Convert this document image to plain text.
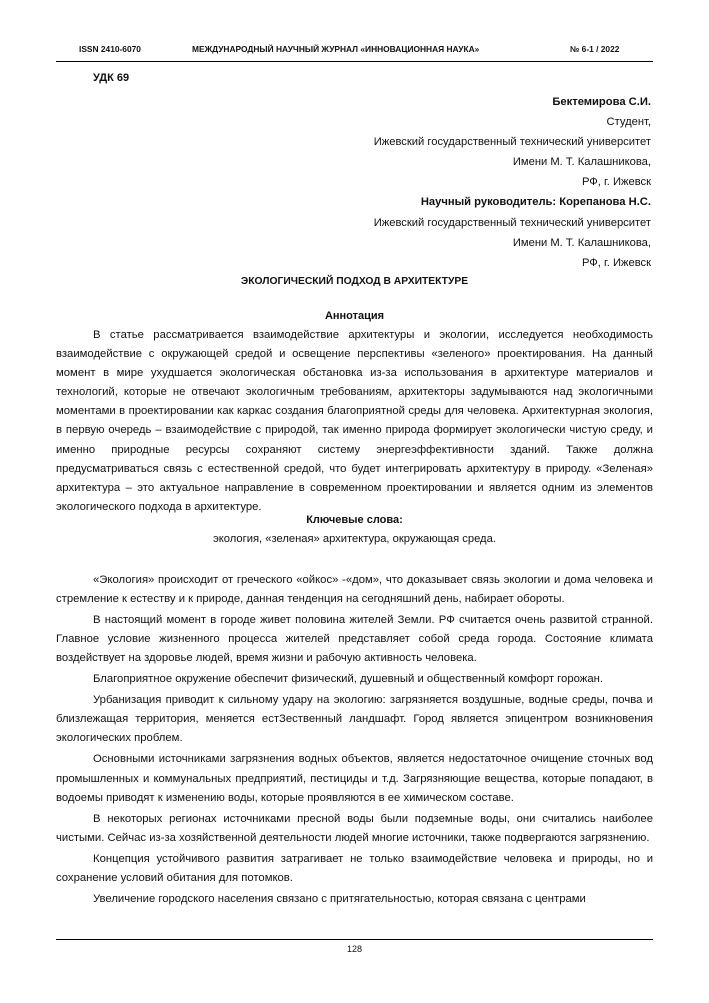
ISSN 2410-6070	МЕЖДУНАРОДНЫЙ НАУЧНЫЙ ЖУРНАЛ «ИННОВАЦИОННАЯ НАУКА»	№ 6-1 / 2022
УДК 69
Бектемирова С.И.
Студент,
Ижевский государственный технический университет
Имени М. Т. Калашникова,
РФ, г. Ижевск
Научный руководитель: Корепанова Н.С.
Ижевский государственный технический университет
Имени М. Т. Калашникова,
РФ, г. Ижевск
ЭКОЛОГИЧЕСКИЙ ПОДХОД В АРХИТЕКТУРЕ
Аннотация

В статье рассматривается взаимодействие архитектуры и экологии, исследуется необходимость взаимодействие с окружающей средой и освещение перспективы «зеленого» проектирования. На данный момент в мире ухудшается экологическая обстановка из-за использования в архитектуре материалов и технологий, которые не отвечают экологичным требованиям, архитекторы задумываются над экологичными моментами в проектировании как каркас создания благоприятной среды для человека. Архитектурная экология, в первую очередь – взаимодействие с природой, так именно природа формирует экологически чистую среду, и именно природные ресурсы сохраняют систему энергеэффективности зданий. Также должна предусматриваться связь с естественной средой, что будет интегрировать архитектуру в природу. «Зеленая» архитектура – это актуальное направление в современном проектировании и является одним из элементов экологического подхода в архитектуре.

Ключевые слова:
экология, «зеленая» архитектура, окружающая среда.

«Экология» происходит от греческого «ойкос» -«дом», что доказывает связь экологии и дома человека и стремление к естеству и к природе, данная тенденция на сегодняшний день, набирает обороты.

В настоящий момент в городе живет половина жителей Земли. РФ считается очень развитой странной. Главное условие жизненного процесса жителей представляет собой среда города. Состояние климата воздействует на здоровье людей, время жизни и рабочую активность человека.

Благоприятное окружение обеспечит физический, душевный и общественный комфорт горожан.

Урбанизация приводит к сильному удару на экологию: загрязняется воздушные, водные среды, почва и близлежащая территория, меняется естЗественный ландшафт. Город является эпицентром возникновения экологических проблем.

Основными источниками загрязнения водных объектов, является недостаточное очищение сточных вод промышленных и коммунальных предприятий, пестициды и т.д. Загрязняющие вещества, которые попадают, в водоемы приводят к изменению воды, которые проявляются в ее химическом составе.

В некоторых регионах источниками пресной воды были подземные воды, они считались наиболее чистыми. Сейчас из-за хозяйственной деятельности людей многие источники, также подвергаются загрязнению.

Концепция устойчивого развития затрагивает не только взаимодействие человека и природы, но и сохранение условий обитания для потомков.

Увеличение городского населения связано с притягательностью, которая связана с центрами

128
